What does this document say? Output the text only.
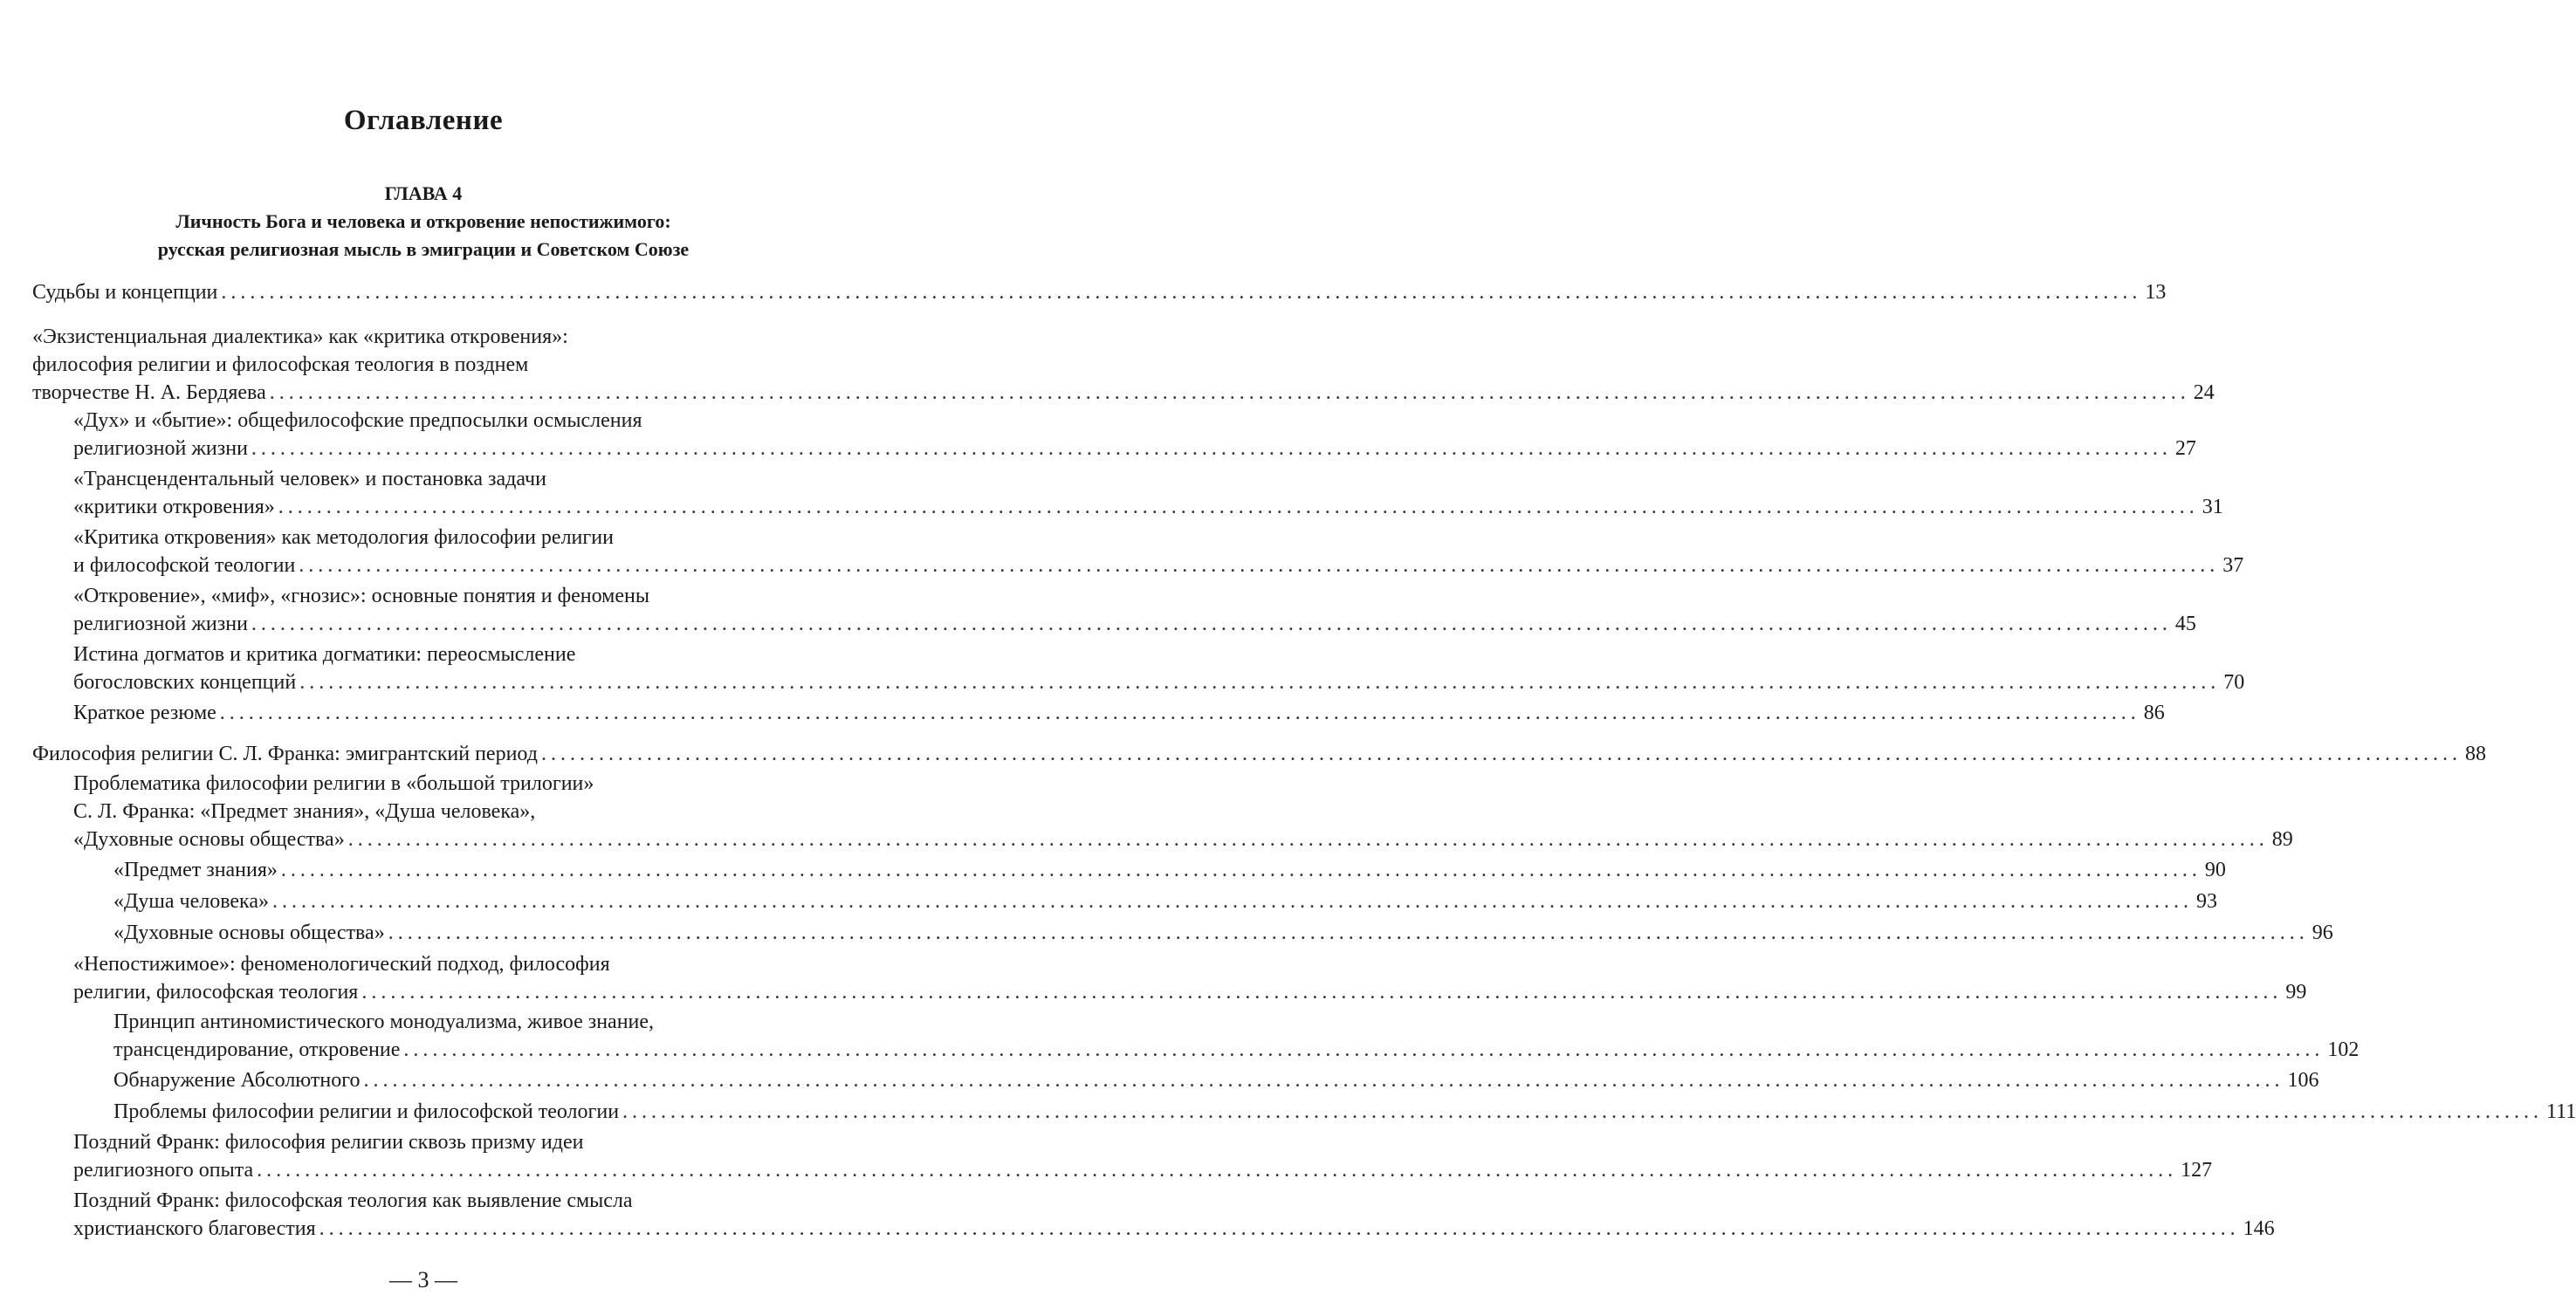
Оглавление
ГЛАВА 4
Личность Бога и человека и откровение непостижимого:
русская религиозная мысль в эмиграции и Советском Союзе
Судьбы и концепции ........................................................................................................................................................................................................ 13
«Экзистенциальная диалектика» как «критика откровения»:
философия религии и философская теология в позднем
творчестве Н. А. Бердяева ........................................................................................................................................................................................................ 24
«Дух» и «бытие»: общефилософские предпосылки осмысления
религиозной жизни ........................................................................................................................................................................................................ 27
«Трансцендентальный человек» и постановка задачи
«критики откровения» ........................................................................................................................................................................................................ 31
«Критика откровения» как методология философии религии
и философской теологии ........................................................................................................................................................................................................ 37
«Откровение», «миф», «гнозис»: основные понятия и феномены
религиозной жизни ........................................................................................................................................................................................................ 45
Истина догматов и критика догматики: переосмысление
богословских концепций ........................................................................................................................................................................................................ 70
Краткое резюме ........................................................................................................................................................................................................ 86
Философия религии С. Л. Франка: эмигрантский период ........................................................................................................................................................................................................ 88
Проблематика философии религии в «большой трилогии»
С. Л. Франка: «Предмет знания», «Душа человека»,
«Духовные основы общества» ........................................................................................................................................................................................................ 89
«Предмет знания» ........................................................................................................................................................................................................ 90
«Душа человека» ........................................................................................................................................................................................................ 93
«Духовные основы общества» ........................................................................................................................................................................................................ 96
«Непостижимое»: феноменологический подход, философия
религии, философская теология ........................................................................................................................................................................................................ 99
Принцип антиномистического монодуализма, живое знание,
трансцендирование, откровение ........................................................................................................................................................................................................ 102
Обнаружение Абсолютного ........................................................................................................................................................................................................ 106
Проблемы философии религии и философской теологии ........................................................................................................................................................................................................ 111
Поздний Франк: философия религии сквозь призму идеи
религиозного опыта ........................................................................................................................................................................................................ 127
Поздний Франк: философская теология как выявление смысла
христианского благовестия ........................................................................................................................................................................................................ 146
— 3 —
